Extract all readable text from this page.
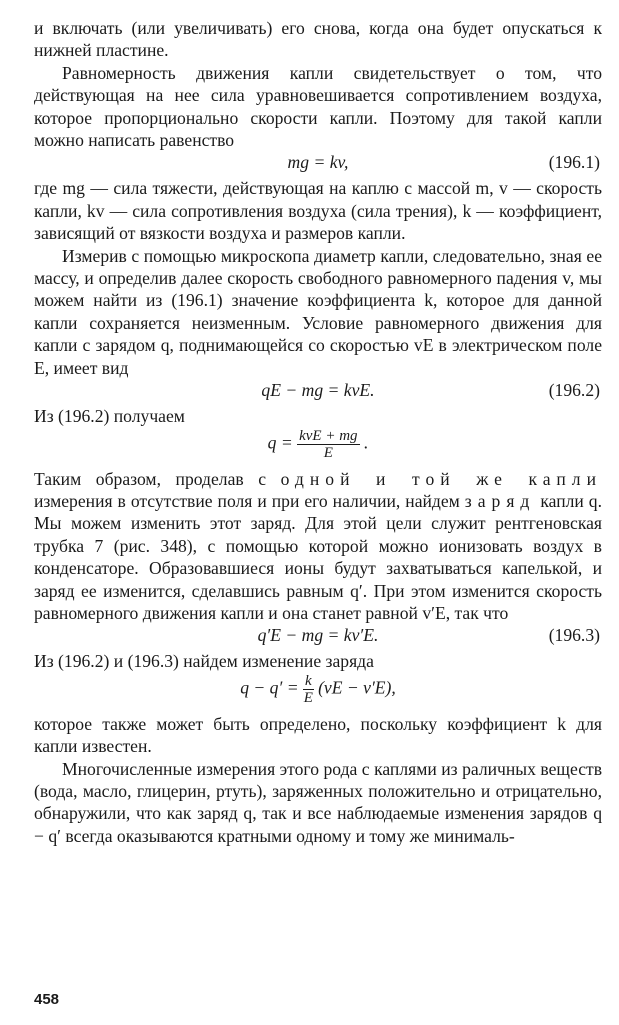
и включать (или увеличивать) его снова, когда она будет опускаться к нижней пластине.

Равномерность движения капли свидетельствует о том, что действующая на нее сила уравновешивается сопротивлением воздуха, которое пропорционально скорости капли. Поэтому для такой капли можно написать равенство

mg = kv,	(196.1)

где mg — сила тяжести, действующая на каплю с массой m, v — скорость капли, kv — сила сопротивления воздуха (сила трения), k — коэффициент, зависящий от вязкости воздуха и размеров капли.

Измерив с помощью микроскопа диаметр капли, следовательно, зная ее массу, и определив далее скорость свободного равномерного падения v, мы можем найти из (196.1) значение коэффициента k, которое для данной капли сохраняется неизменным. Условие равномерного движения для капли с зарядом q, поднимающейся со скоростью vE в электрическом поле E, имеет вид

qE − mg = kvE.	(196.2)

Из (196.2) получаем

$q = \frac{\text{kvE + mg}}{E}$ .

Таким образом, проделав с одной и той же капли измерения в отсутствие поля и при его наличии, найдем заряд капли q. Мы можем изменить этот заряд. Для этой цели служит рентгеновская трубка 7 (рис. 348), с помощью которой можно ионизовать воздух в конденсаторе. Образовавшиеся ионы будут захватываться капелькой, и заряд ее изменится, сделавшись равным q′. При этом изменится скорость равномерного движения капли и она станет равной v′E, так что

q′E − mg = kv′E.	(196.3)

Из (196.2) и (196.3) найдем изменение заряда

$q - q' = \frac{k}{E} (vE - v'E)$,

которое также может быть определено, поскольку коэффициент k для капли известен.

Многочисленные измерения этого рода с каплями из раличных веществ (вода, масло, глицерин, ртуть), заряженных положительно и отрицательно, обнаружили, что как заряд q, так и все наблюдаемые изменения зарядов q − q′ всегда оказываются кратными одному и тому же минималь-

458
